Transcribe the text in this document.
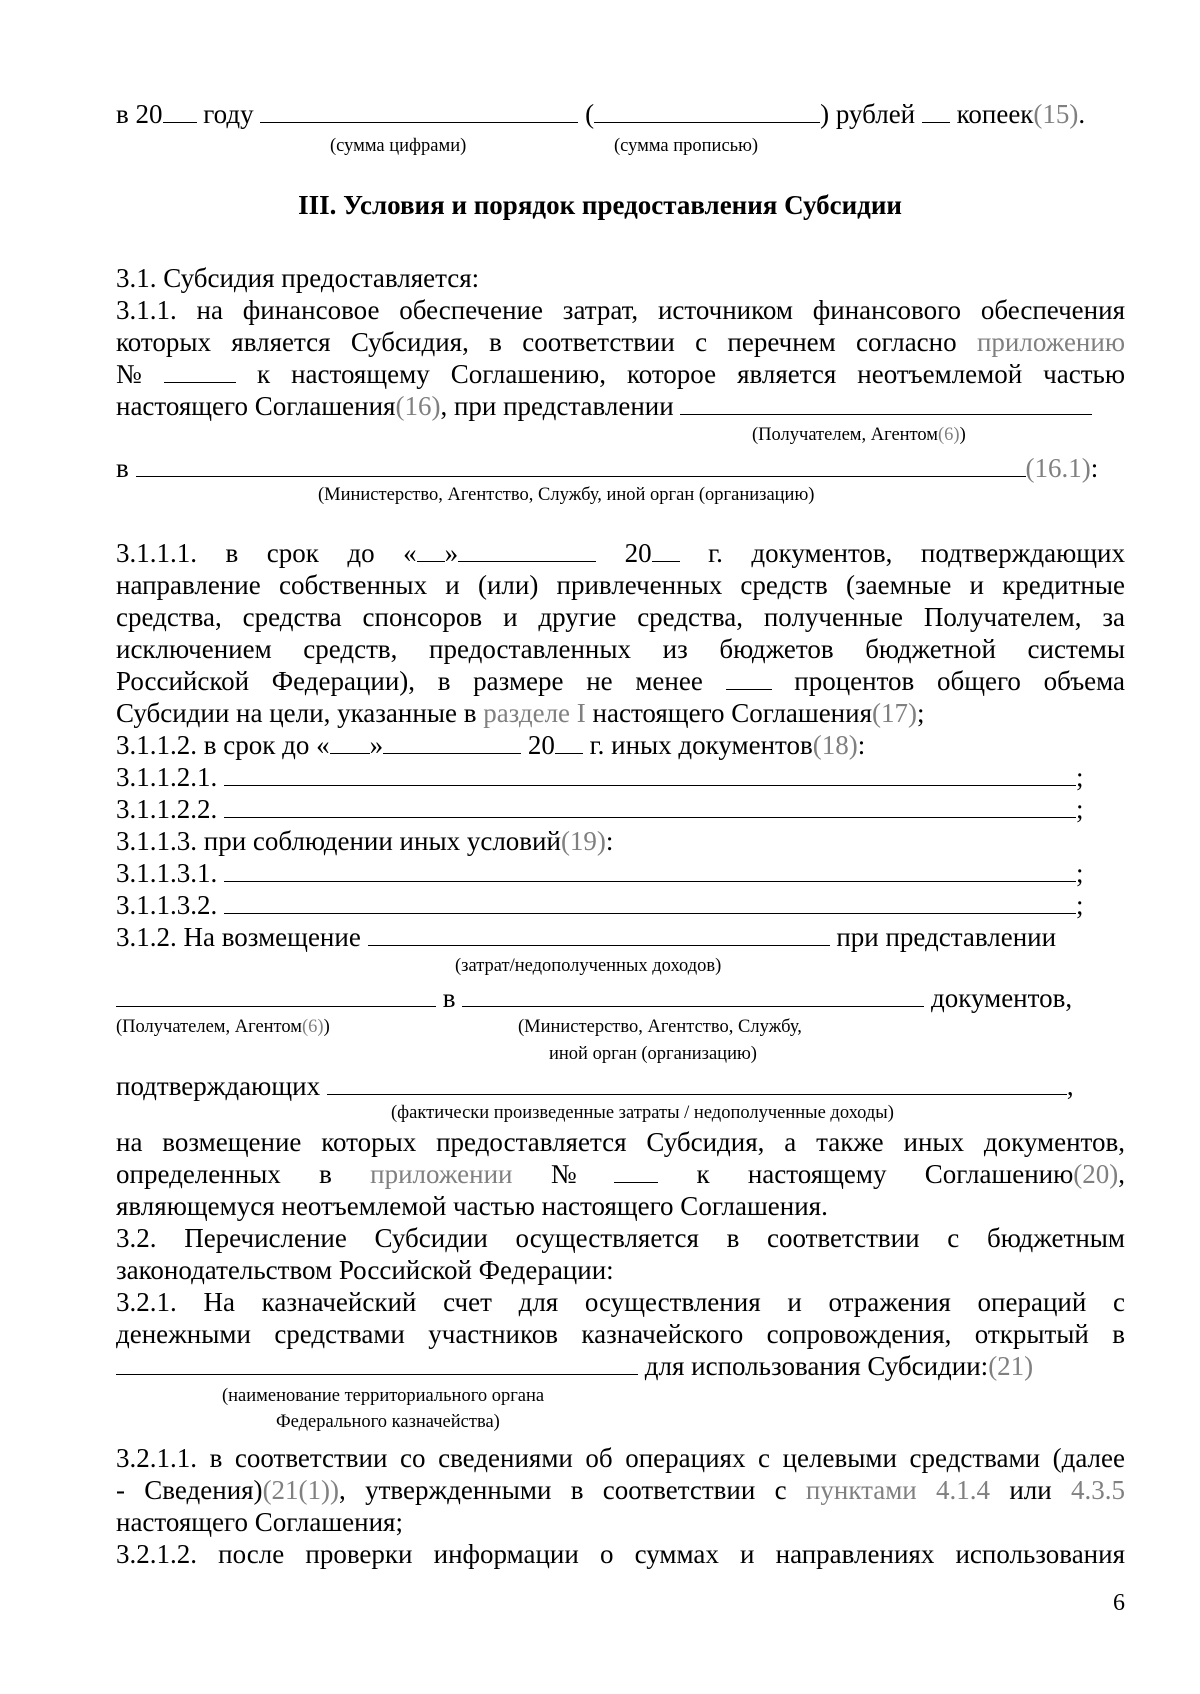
в 20 году	(	) рублей копеек(15).
(сумма цифрами)	(сумма прописью)
III. Условия и порядок предоставления Субсидии
3.1. Субсидия предоставляется:
3.1.1. на финансовое обеспечение затрат, источником финансового обеспечения
которых является Субсидия, в соответствии с перечнем согласно приложению
№	к настоящему Соглашению, которое является неотъемлемой частью
настоящего Соглашения(16), при представлении
(Получателем, Агентом(6))
в	(16.1):
(Министерство, Агентство, Службу, иной орган (организацию)
3.1.1.1. в срок до « »	20 г. документов, подтверждающих
направление собственных и (или) привлеченных средств (заемные и кредитные
средства, средства спонсоров и другие средства, полученные Получателем, за
исключением средств, предоставленных из бюджетов бюджетной системы
Российской Федерации), в размере не менее	процентов общего объема
Субсидии на цели, указанные в разделе I настоящего Соглашения(17);
3.1.1.2. в срок до « »	20 г. иных документов(18):
3.1.1.2.1.	;
3.1.1.2.2.	;
3.1.1.3. при соблюдении иных условий(19):
3.1.1.3.1.	;
3.1.1.3.2.	;
3.1.2. На возмещение	при представлении
(затрат/недополученных доходов)
в	документов,
(Получателем, Агентом(6))	(Министерство, Агентство, Службу,
иной орган (организацию)
подтверждающих	,
(фактически произведенные затраты / недополученные доходы)
на возмещение которых предоставляется Субсидия, а также иных документов,
определенных в приложении №	к настоящему Соглашению(20),
являющемуся неотъемлемой частью настоящего Соглашения.
3.2. Перечисление Субсидии осуществляется в соответствии с бюджетным
законодательством Российской Федерации:
3.2.1. На казначейский счет для осуществления и отражения операций с
денежными средствами участников казначейского сопровождения, открытый в
для использования Субсидии:(21)
(наименование территориального органа
Федерального казначейства)
3.2.1.1. в соответствии со сведениями об операциях с целевыми средствами (далее
- Сведения)(21(1)), утвержденными в соответствии с пунктами 4.1.4 или 4.3.5
настоящего Соглашения;
3.2.1.2. после проверки информации о суммах и направлениях использования
6
